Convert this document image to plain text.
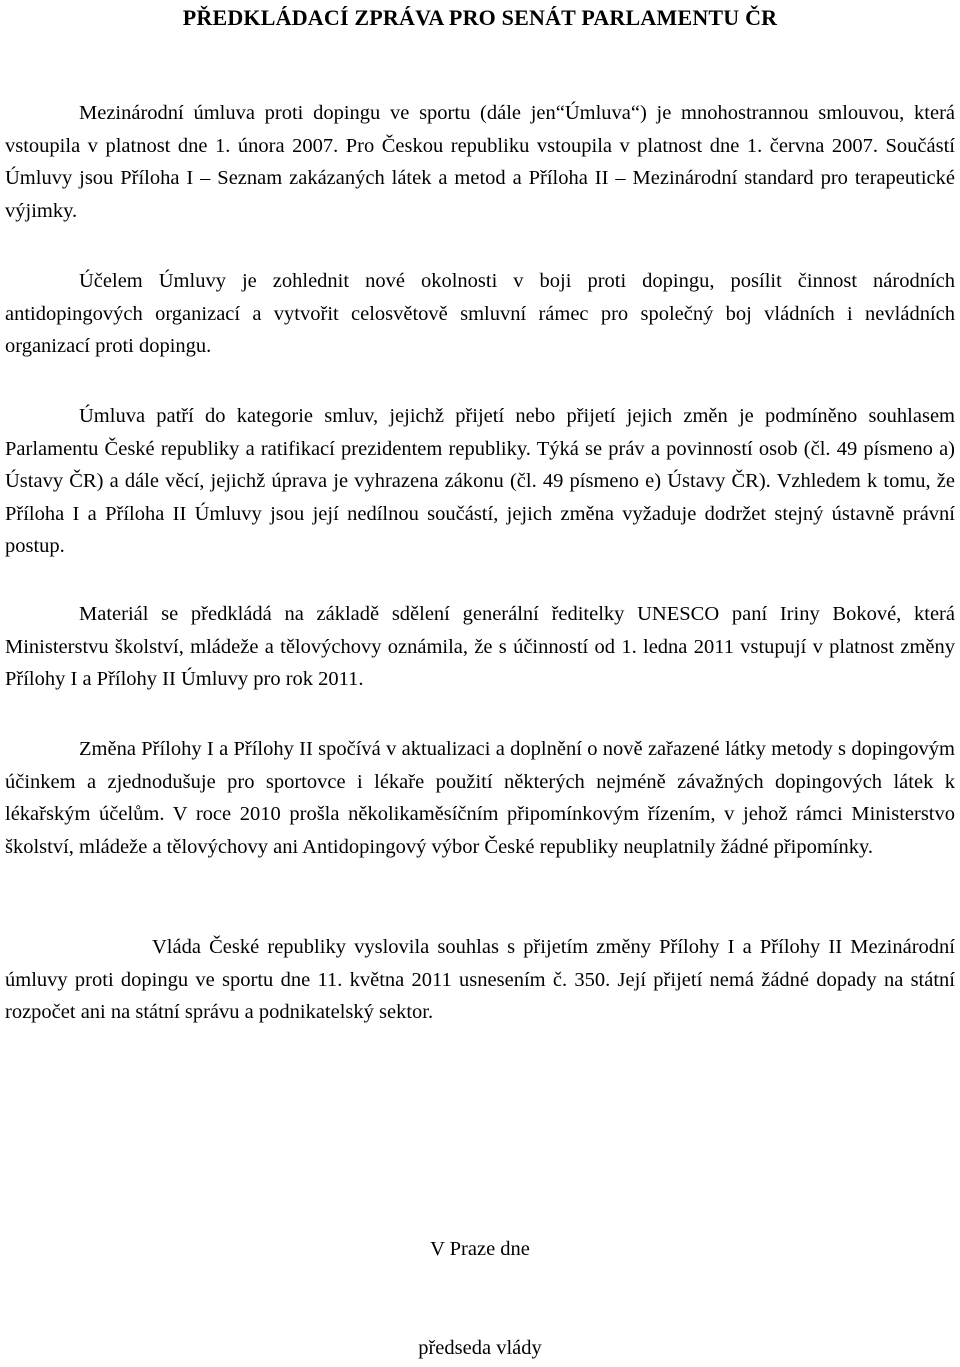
PŘEDKLÁDACÍ ZPRÁVA PRO SENÁT PARLAMENTU ČR

Mezinárodní úmluva proti dopingu ve sportu (dále jen“Úmluva“) je mnohostrannou smlouvou, která vstoupila v platnost dne 1. února 2007. Pro Českou republiku vstoupila v platnost dne 1. června 2007. Součástí Úmluvy jsou Příloha I – Seznam zakázaných látek a metod a Příloha II – Mezinárodní standard pro terapeutické výjimky.

Účelem Úmluvy je zohlednit nové okolnosti v boji proti dopingu, posílit činnost národních antidopingových organizací a vytvořit celosvětově smluvní rámec pro společný boj vládních i nevládních organizací proti dopingu.

Úmluva patří do kategorie smluv, jejichž přijetí nebo přijetí jejich změn je podmíněno souhlasem Parlamentu České republiky a ratifikací prezidentem republiky. Týká se práv a povinností osob (čl. 49 písmeno a) Ústavy ČR) a dále věcí, jejichž úprava je vyhrazena zákonu (čl. 49 písmeno e) Ústavy ČR). Vzhledem k tomu, že Příloha I a Příloha II Úmluvy jsou její nedílnou součástí, jejich změna vyžaduje dodržet stejný ústavně právní postup.

Materiál se předkládá na základě sdělení generální ředitelky UNESCO paní Iriny Bokové, která Ministerstvu školství, mládeže a tělovýchovy oznámila, že s účinností od 1. ledna 2011 vstupují v platnost změny Přílohy I a Přílohy II Úmluvy pro rok 2011.

Změna Přílohy I a Přílohy II spočívá v aktualizaci a doplnění o nově zařazené látky metody s dopingovým účinkem a zjednodušuje pro sportovce i lékaře použití některých nejméně závažných dopingových látek k lékařským účelům. V roce 2010 prošla několikaměsíčním připomínkovým řízením, v jehož rámci Ministerstvo školství, mládeže a tělovýchovy ani Antidopingový výbor České republiky neuplatnily žádné připomínky.

Vláda České republiky vyslovila souhlas s přijetím změny Přílohy I a Přílohy II Mezinárodní úmluvy proti dopingu ve sportu dne 11. května 2011 usnesením č. 350. Její přijetí nemá žádné dopady na státní rozpočet ani na státní správu a podnikatelský sektor.

V Praze dne
předseda vlády
